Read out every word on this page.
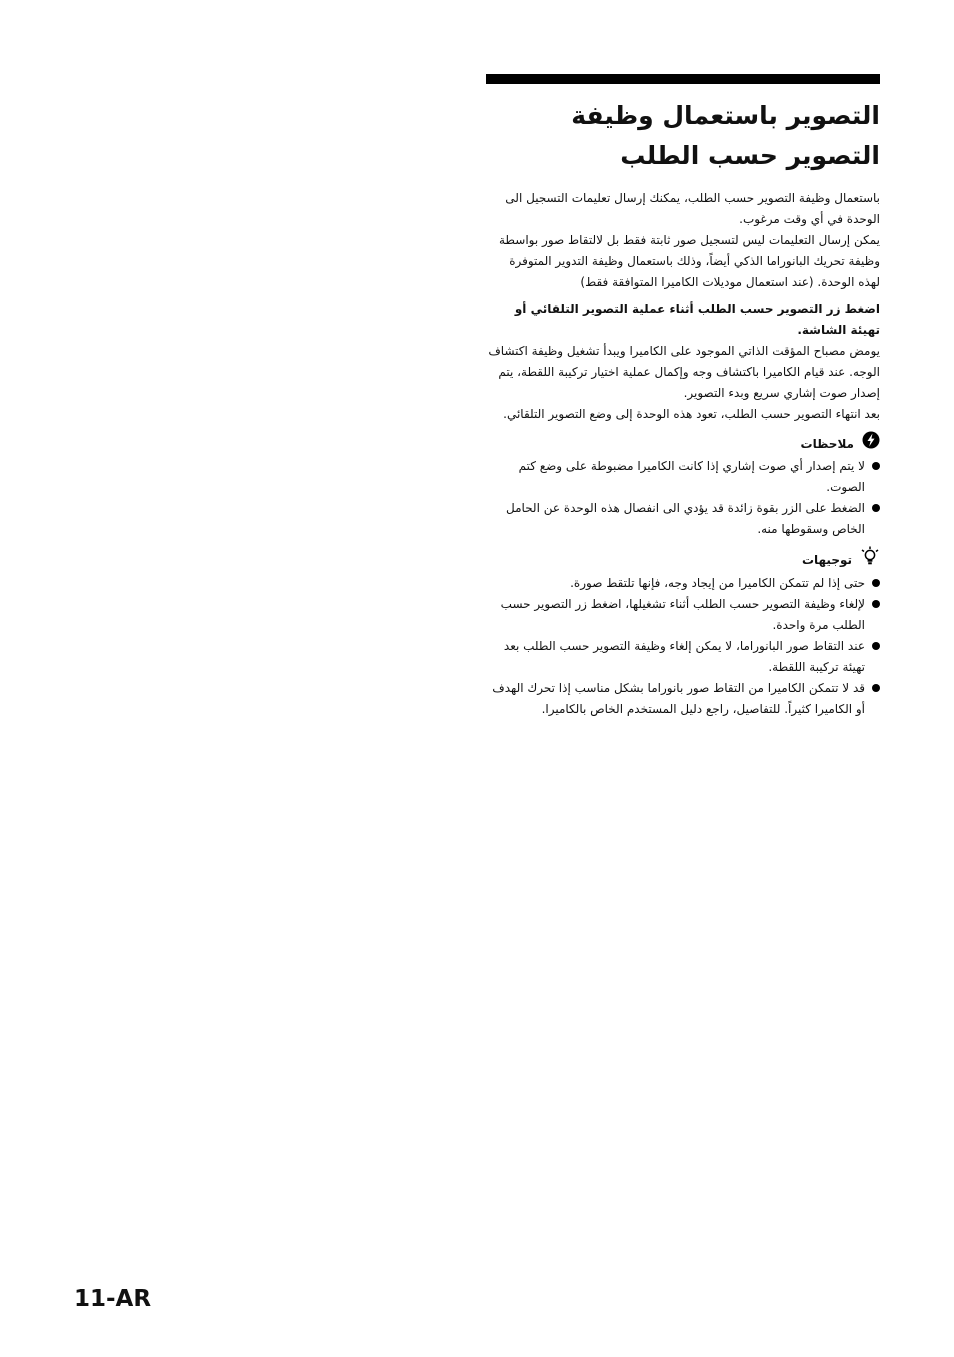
التصوير باستعمال وظيفة التصوير حسب الطلب

باستعمال وظيفة التصوير حسب الطلب، يمكنك إرسال تعليمات التسجيل الى الوحدة في أي وقت مرغوب.

يمكن إرسال التعليمات ليس لتسجيل صور ثابتة فقط بل لالتقاط صور بواسطة وظيفة تحريك البانوراما الذكي أيضاً، وذلك باستعمال وظيفة التدوير المتوفرة لهذه الوحدة. (عند استعمال موديلات الكاميرا المتوافقة فقط)

اضغط زر التصوير حسب الطلب أثناء عملية التصوير التلقائي أو تهيئة الشاشة.

يومض مصباح المؤقت الذاتي الموجود على الكاميرا ويبدأ تشغيل وظيفة اكتشاف الوجه. عند قيام الكاميرا باكتشاف وجه وإكمال عملية اختيار تركيبة اللقطة، يتم إصدار صوت إشاري سريع وبدء التصوير.

بعد انتهاء التصوير حسب الطلب، تعود هذه الوحدة إلى وضع التصوير التلقائي.

ملاحظات
لا يتم إصدار أي صوت إشاري إذا كانت الكاميرا مضبوطة على وضع كتم الصوت.
الضغط على الزر بقوة زائدة قد يؤدي الى انفصال هذه الوحدة عن الحامل الخاص وسقوطها منه.
توجيهات
حتى إذا لم تتمكن الكاميرا من إيجاد وجه، فإنها تلتقط صورة.
لإلغاء وظيفة التصوير حسب الطلب أثناء تشغيلها، اضغط زر التصوير حسب الطلب مرة واحدة.
عند التقاط صور البانوراما، لا يمكن إلغاء وظيفة التصوير حسب الطلب بعد تهيئة تركيبة اللقطة.
قد لا تتمكن الكاميرا من التقاط صور بانوراما بشكل مناسب إذا تحرك الهدف أو الكاميرا كثيراً. للتفاصيل، راجع دليل المستخدم الخاص بالكاميرا.
11-AR
